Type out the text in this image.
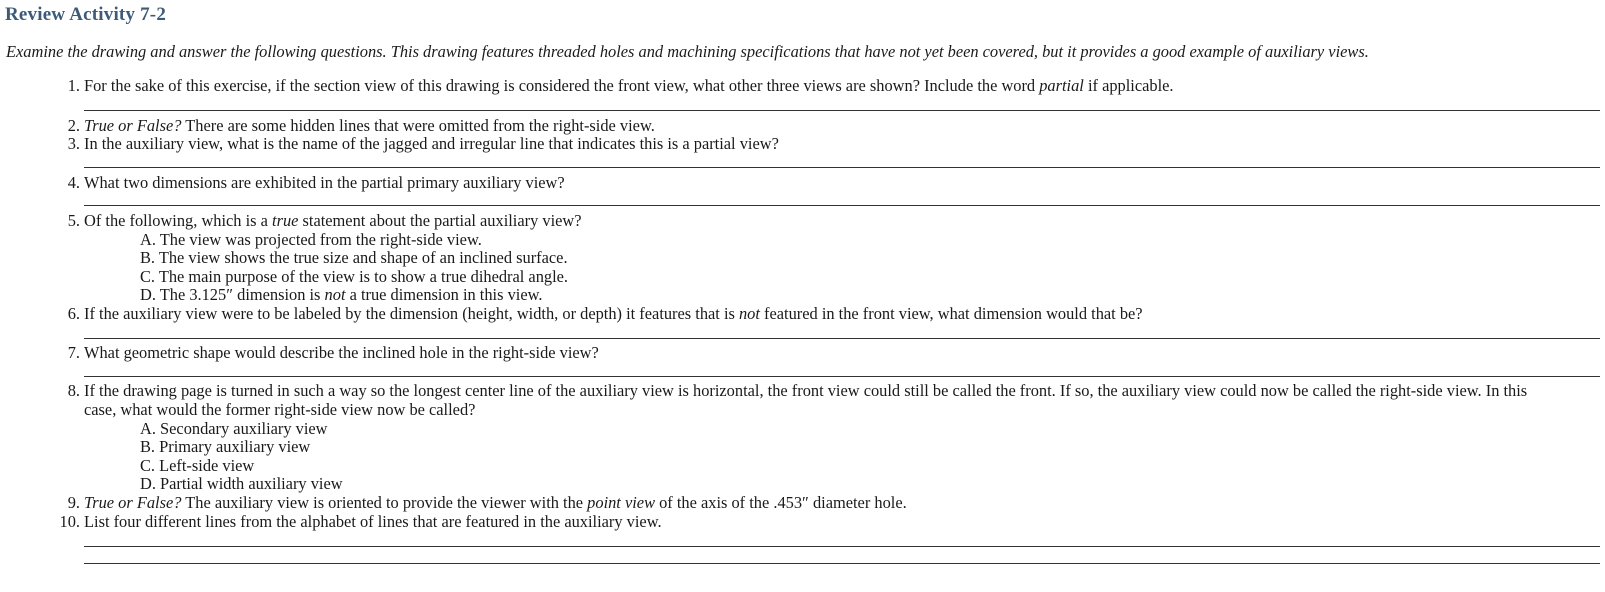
Review Activity 7-2

Examine the drawing and answer the following questions. This drawing features threaded holes and machining specifications that have not yet been covered, but it provides a good example of auxiliary views.

1. For the sake of this exercise, if the section view of this drawing is considered the front view, what other three views are shown? Include the word partial if applicable.
2. True or False? There are some hidden lines that were omitted from the right-side view.
3. In the auxiliary view, what is the name of the jagged and irregular line that indicates this is a partial view?
4. What two dimensions are exhibited in the partial primary auxiliary view?
5. Of the following, which is a true statement about the partial auxiliary view?
A. The view was projected from the right-side view.
B. The view shows the true size and shape of an inclined surface.
C. The main purpose of the view is to show a true dihedral angle.
D. The 3.125″ dimension is not a true dimension in this view.
6. If the auxiliary view were to be labeled by the dimension (height, width, or depth) it features that is not featured in the front view, what dimension would that be?
7. What geometric shape would describe the inclined hole in the right-side view?
8. If the drawing page is turned in such a way so the longest center line of the auxiliary view is horizontal, the front view could still be called the front. If so, the auxiliary view could now be called the right-side view. In this
case, what would the former right-side view now be called?
A. Secondary auxiliary view
B. Primary auxiliary view
C. Left-side view
D. Partial width auxiliary view
9. True or False? The auxiliary view is oriented to provide the viewer with the point view of the axis of the .453″ diameter hole.
10. List four different lines from the alphabet of lines that are featured in the auxiliary view.
